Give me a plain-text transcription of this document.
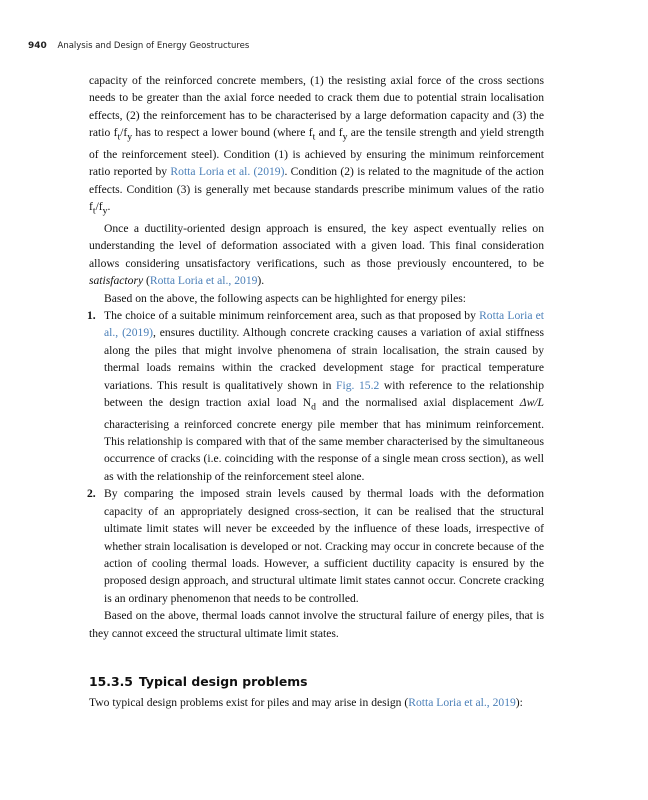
940 Analysis and Design of Energy Geostructures

capacity of the reinforced concrete members, (1) the resisting axial force of the cross sections needs to be greater than the axial force needed to crack them due to potential strain localisation effects, (2) the reinforcement has to be characterised by a large deformation capacity and (3) the ratio $f_t/f_y$ has to respect a lower bound (where $f_t$ and $f_y$ are the tensile strength and yield strength of the reinforcement steel). Condition (1) is achieved by ensuring the minimum reinforcement ratio reported by Rotta Loria et al. (2019). Condition (2) is related to the magnitude of the action effects. Condition (3) is generally met because standards prescribe minimum values of the ratio $f_t/f_y$.

Once a ductility-oriented design approach is ensured, the key aspect eventually relies on understanding the level of deformation associated with a given load. This final consideration allows considering unsatisfactory verifications, such as those previously encountered, to be satisfactory (Rotta Loria et al., 2019).

Based on the above, the following aspects can be highlighted for energy piles:

1. The choice of a suitable minimum reinforcement area, such as that proposed by Rotta Loria et al., (2019), ensures ductility. Although concrete cracking causes a variation of axial stiffness along the piles that might involve phenomena of strain localisation, the strain caused by thermal loads remains within the cracked development stage for practical temperature variations. This result is qualitatively shown in Fig. 15.2 with reference to the relationship between the design traction axial load $N_d$ and the normalised axial displacement Δw/L characterising a reinforced concrete energy pile member that has minimum reinforcement. This relationship is compared with that of the same member characterised by the simultaneous occurrence of cracks (i.e. coinciding with the response of a single mean cross section), as well as with the relationship of the reinforcement steel alone.
2. By comparing the imposed strain levels caused by thermal loads with the deformation capacity of an appropriately designed cross-section, it can be realised that the structural ultimate limit states will never be exceeded by the influence of these loads, irrespective of whether strain localisation is developed or not. Cracking may occur in concrete because of the action of cooling thermal loads. However, a sufficient ductility capacity is ensured by the proposed design approach, and structural ultimate limit states cannot occur. Concrete cracking is an ordinary phenomenon that needs to be controlled.

Based on the above, thermal loads cannot involve the structural failure of energy piles, that is they cannot exceed the structural ultimate limit states.

15.3.5 Typical design problems

Two typical design problems exist for piles and may arise in design (Rotta Loria et al., 2019):
